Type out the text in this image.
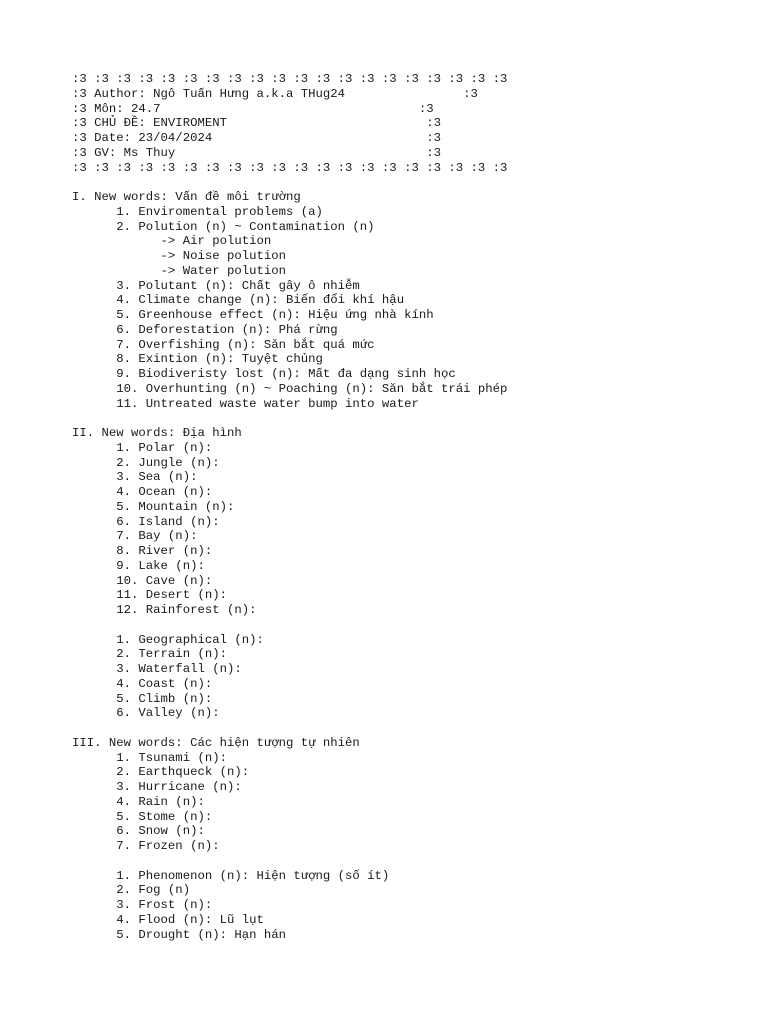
:3 :3 :3 :3 :3 :3 :3 :3 :3 :3 :3 :3 :3 :3 :3 :3 :3 :3 :3 :3
:3 Author: Ngô Tuấn Hưng a.k.a THug24                :3
:3 Môn: 24.7                                   :3
:3 CHỦ ĐỀ: ENVIROMENT                           :3
:3 Date: 23/04/2024                             :3
:3 GV: Ms Thuy                                  :3
:3 :3 :3 :3 :3 :3 :3 :3 :3 :3 :3 :3 :3 :3 :3 :3 :3 :3 :3 :3
I. New words: Vấn đề môi trường
1. Enviromental problems (a)
2. Polution (n) ~ Contamination (n)
-> Air polution
-> Noise polution
-> Water polution
3. Polutant (n): Chất gây ô nhiễm
4. Climate change (n): Biến đổi khí hậu
5. Greenhouse effect (n): Hiệu ứng nhà kính
6. Deforestation (n): Phá rừng
7. Overfishing (n): Săn bắt quá mức
8. Exintion (n): Tuyệt chủng
9. Biodiveristy lost (n): Mất đa dạng sinh học
10. Overhunting (n) ~ Poaching (n): Săn bắt trái phép
11. Untreated waste water bump into water
II. New words: Địa hình
1. Polar (n):
2. Jungle (n):
3. Sea (n):
4. Ocean (n):
5. Mountain (n):
6. Island (n):
7. Bay (n):
8. River (n):
9. Lake (n):
10. Cave (n):
11. Desert (n):
12. Rainforest (n):
1. Geographical (n):
2. Terrain (n):
3. Waterfall (n):
4. Coast (n):
5. Climb (n):
6. Valley (n):
III. New words: Các hiện tượng tự nhiên
1. Tsunami (n):
2. Earthqueck (n):
3. Hurricane (n):
4. Rain (n):
5. Stome (n):
6. Snow (n):
7. Frozen (n):
1. Phenomenon (n): Hiện tượng (số ít)
2. Fog (n)
3. Frost (n):
4. Flood (n): Lũ lụt
5. Drought (n): Hạn hán
